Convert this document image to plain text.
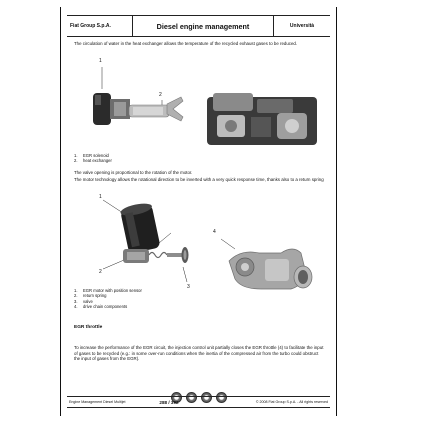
Fiat Group S.p.A.	Diesel engine management	Università

The circulation of water in the heat exchanger allows the temperature of the recycled exhaust gases to be reduced.

1
2
1.	EGR solenoid
2.	heat exchanger

The valve opening is proportional to the rotation of the motor.

The motor technology allows the rotational direction to be inverted with a very quick response time, thanks also to a return spring

1
2
3
4
1.	EGR motor with position sensor
2.	return spring
3.	valve
4.	drive chain components

EGR throttle

To increase the performance of the EGR circuit, the injection control unit partially closes the EGR throttle (4) to facilitate the input of gases to be recycled (e.g.: in some over-run conditions when the inertia of the compressed air from the turbo could obstruct the input of gases from the EGR).

Engine Management Diesel Multijet	288 / 392	© 2008 Fiat Group S.p.A. - All rights reserved
